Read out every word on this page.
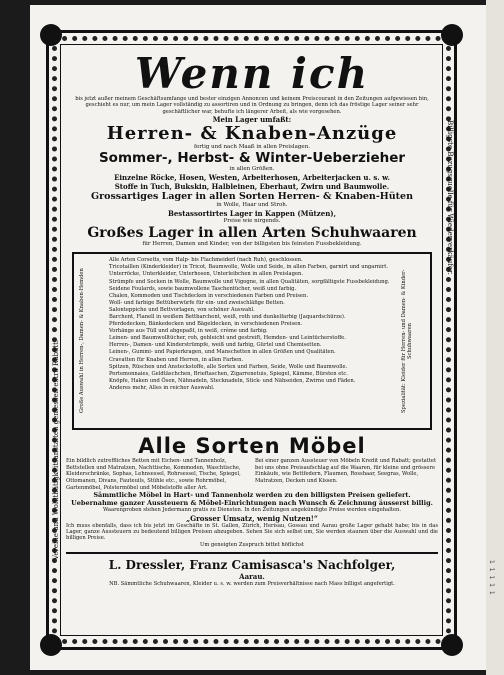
1 1 1 1 1
Vereine und Wohlthätigkeitsanstalten geniessen extra Rabatt.
Billigste Bezugsquelle für Wiederverkäufer.
Wenn ich
bis jetzt außer meinem Geschäftsumfange und bester einzigen Annoncen und keinem Preiscourant in den Zeitungen aufgewiesen bin, geschieht es nur, um mein Lager vollständig zu assortiren und in Ordnung zu bringen, denn ich das fröstige Lager seiner sehr geschäftlicher war, behufte ich längerer Arbeit, als wie vorgesehen.
Mein Lager umfaßt:
Herren- & Knaben-Anzüge
fertig und nach Maaß in allen Preislagen.
Sommer-, Herbst- & Winter-Ueberzieher
in allen Größen.
Einzelne Röcke, Hosen, Westen, Arbeiterhosen, Arbeiterjacken u. s. w.
Stoffe in Tuch, Bukskin, Halbleinen, Eberhaut, Zwirn und Baumwolle.
Grossartiges Lager in allen Sorten Herren- & Knaben-Hüten
in Wolle, Haar und Stroh.
Bestassortirtes Lager in Kappen (Mützen),
Preise wie nirgends.
Großes Lager in allen Arten Schuhwaaren
für Herren, Damen und Kinder, von der billigsten bis feinsten Fussbekleidung.
Große Auswahl in Herren-, Damen- & Knaben-Hemden
Alle Arten Corsetts, vom Halp- bis Flachmeiderl (nach Ruh), geschlossen.
Tricotaillen (Kinderkleider) in Tricot, Baumwolle, Wolle und Seide, in allen Farben, garnirt und ungarnirt.
Unterröcke, Unterkleider, Unterhosen, Unterleibchen in allen Preislagen.
Strümpfe und Socken in Wolle, Baumwolle und Vigogne, in allen Qualitäten, sorgfältigste Fussbekleidung.
Seidene Foulards, sowie baumwollene Taschentücher, weiß und farbig.
Chalen, Kommoden und Tischdecken in verschiedenen Farben und Preisen.
Woll- und farbige Bettüberwürfe für ein- und zweischläfige Betten.
Salonteppiche und Bettvorlagen, von schöner Auswahl.
Barchent, Flanell in weißem Bettbarchent, weiß, roth und dunkelfarbig (Jaquardschürze).
Pferdedecken, Bänkedecken und Bägeldecken, in verschiedenen Preisen.
Vorhänge aus Tüll und abgepaßt, in weiß, crème und farbig.
Leinen- und Baumwolltücher, roh, gebleicht und gestreift, Hemden- und Leintücherstoffe.
Herren-, Damen- und Kinderstrümpfe, weiß und farbig, Gürtel und Chemisetten.
Leinen-, Gummi- und Papierkragen, und Manschetten in allen Größen und Qualitäten.
Cravatten für Knaben und Herren, in allen Farben.
Spitzen, Rüschen und Ansteckstoffe, alle Sorten und Farben, Seide, Wolle und Baumwolle.
Portemonnaies, Geldtäschchen, Brieftaschen, Zigarrenetuis, Spiegel, Kämme, Bürsten etc.
Knöpfe, Haken und Ösen, Nähnadeln, Stecknadeln, Stick- und Nähseiden, Zwirne und Fäden.
Anderes mehr, Alles in reicher Auswahl.	Spezialität: Kleider für Herren- und Damen- & Kinder-Schuhwaaren
Alle Sorten Möbel
Ein bildlich zutreffliches Betten mit Eichen- und Tannenholz, Bettstellen und Matratzen, Nachttische, Kommoden, Waschtische, Kleiderschränke, Sophas, Lehnsessel, Rohrsessel, Tische, Spiegel, Ottomanen, Divans, Fauteuils, Stühle etc., sowie Rohrmöbel, Gartenmöbel, Polstermöbel und Möbelstoffe aller Art.
Bei einer ganzen Aussteuer von Möbeln Kredit und Rabatt; gestattet bei uns ohne Preisaufschlag auf die Waaren, für kleine und grössere Einkäufe, wie Bettfedern, Flaumen, Rosshaar, Seegras, Wolle, Matratzen, Decken und Kissen.
Sämmtliche Möbel in Hart- und Tannenholz werden zu den billigsten Preisen geliefert.
Uebernahme ganzer Aussteuern & Möbel-Einrichtungen nach Wunsch & Zeichnung äusserst billig.
Waarenproben stehen Jedermann gratis zu Diensten. In den Zeitungen angekündigte Preise werden eingehalten.
„Grosser Umsatz, wenig Nutzen!“
Ich muss ebenfalls, dass ich bis jetzt im Geschäfte in St. Gallen, Zürich, Herisau, Gossau und Aarau große Lager gehabt habe; bis in das Lager, ganze Aussteuern zu bedeutend billigen Preisen abzugeben. Sehen Sie sich selbst um, Sie werden staunen über die Auswahl und die billigen Preise.
Um geneigten Zuspruch bittet höflichst
L. Dressler, Franz Camisasca's Nachfolger,
Aarau.
NB. Sämmtliche Schuhwaaren, Kleider u. s. w. werden zum Preisverhältnisse nach Mass billigst angefertigt.
